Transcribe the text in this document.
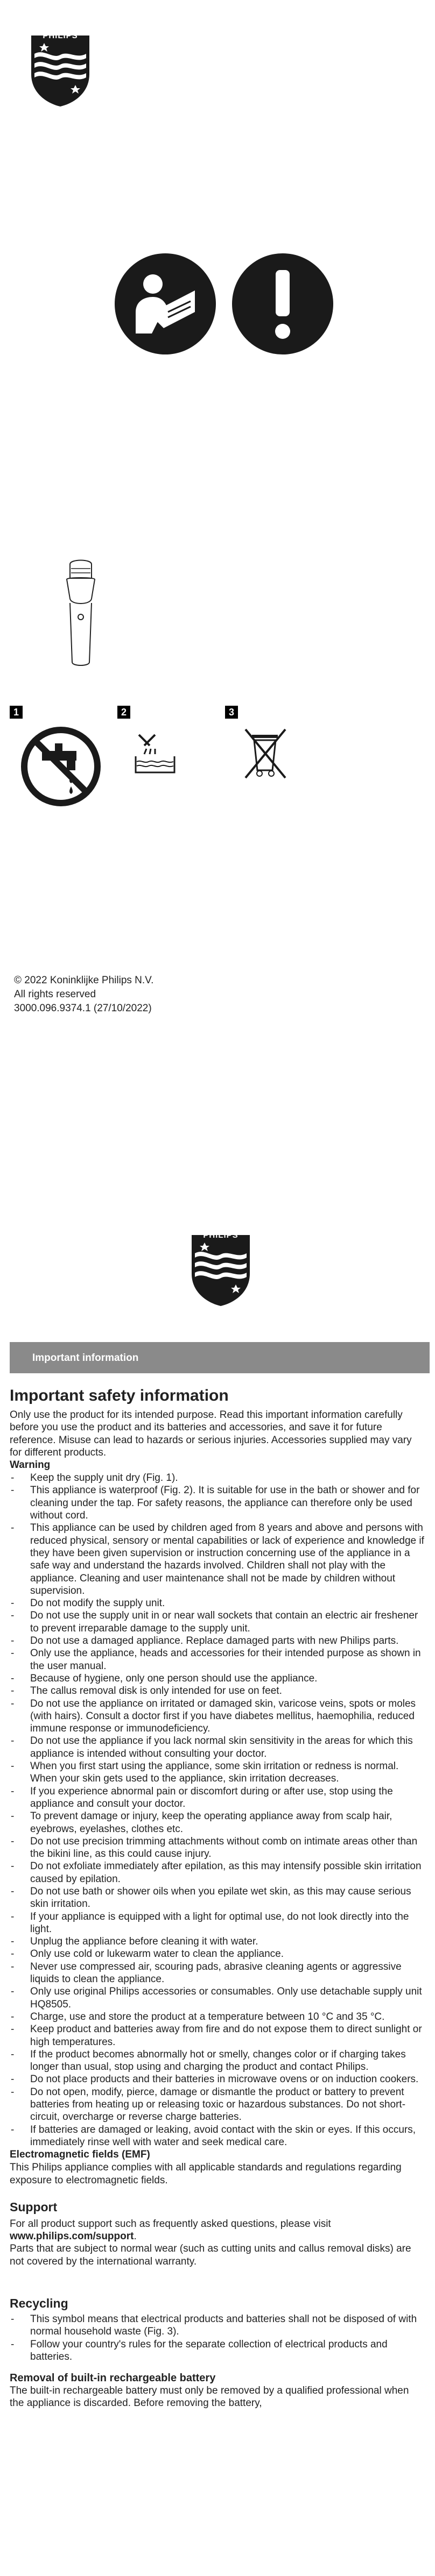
PHILIPS
1	2	3
© 2022 Koninklijke Philips N.V.
All rights reserved
3000.096.9374.1 (27/10/2022)
PHILIPS
Important information
Important safety information

Only use the product for its intended purpose. Read this important information carefully before you use the product and its batteries and accessories, and save it for future reference. Misuse can lead to hazards or serious injuries. Accessories supplied may vary for different products.

Warning
- Keep the supply unit dry (Fig. 1).
- This appliance is waterproof (Fig. 2). It is suitable for use in the bath or shower and for cleaning under the tap. For safety reasons, the appliance can therefore only be used without cord.
- This appliance can be used by children aged from 8 years and above and persons with reduced physical, sensory or mental capabilities or lack of experience and knowledge if they have been given supervision or instruction concerning use of the appliance in a safe way and understand the hazards involved. Children shall not play with the appliance. Cleaning and user maintenance shall not be made by children without supervision.
- Do not modify the supply unit.
- Do not use the supply unit in or near wall sockets that contain an electric air freshener to prevent irreparable damage to the supply unit.
- Do not use a damaged appliance. Replace damaged parts with new Philips parts.
- Only use the appliance, heads and accessories for their intended purpose as shown in the user manual.
- Because of hygiene, only one person should use the appliance.
- The callus removal disk is only intended for use on feet.
- Do not use the appliance on irritated or damaged skin, varicose veins, spots or moles (with hairs). Consult a doctor first if you have diabetes mellitus, haemophilia, reduced immune response or immunodeficiency.
- Do not use the appliance if you lack normal skin sensitivity in the areas for which this appliance is intended without consulting your doctor.
- When you first start using the appliance, some skin irritation or redness is normal. When your skin gets used to the appliance, skin irritation decreases.
- If you experience abnormal pain or discomfort during or after use, stop using the appliance and consult your doctor.
- To prevent damage or injury, keep the operating appliance away from scalp hair, eyebrows, eyelashes, clothes etc.
- Do not use precision trimming attachments without comb on intimate areas other than the bikini line, as this could cause injury.
- Do not exfoliate immediately after epilation, as this may intensify possible skin irritation caused by epilation.
- Do not use bath or shower oils when you epilate wet skin, as this may cause serious skin irritation.
- If your appliance is equipped with a light for optimal use, do not look directly into the light.
- Unplug the appliance before cleaning it with water.
- Only use cold or lukewarm water to clean the appliance.
- Never use compressed air, scouring pads, abrasive cleaning agents or aggressive liquids to clean the appliance.
- Only use original Philips accessories or consumables. Only use detachable supply unit HQ8505.
- Charge, use and store the product at a temperature between 10 °C and 35 °C.
- Keep product and batteries away from fire and do not expose them to direct sunlight or high temperatures.
- If the product becomes abnormally hot or smelly, changes color or if charging takes longer than usual, stop using and charging the product and contact Philips.
- Do not place products and their batteries in microwave ovens or on induction cookers.
- Do not open, modify, pierce, damage or dismantle the product or battery to prevent batteries from heating up or releasing toxic or hazardous substances. Do not short-circuit, overcharge or reverse charge batteries.
- If batteries are damaged or leaking, avoid contact with the skin or eyes. If this occurs, immediately rinse well with water and seek medical care.
Electromagnetic fields (EMF)

This Philips appliance complies with all applicable standards and regulations regarding exposure to electromagnetic fields.

Support

For all product support such as frequently asked questions, please visit
www.philips.com/support.

Parts that are subject to normal wear (such as cutting units and callus removal disks) are not covered by the international warranty.

Recycling
- This symbol means that electrical products and batteries shall not be disposed of with normal household waste (Fig. 3).
- Follow your country's rules for the separate collection of electrical products and batteries.
Removal of built-in rechargeable battery

The built-in rechargeable battery must only be removed by a qualified professional when the appliance is discarded. Before removing the battery,
